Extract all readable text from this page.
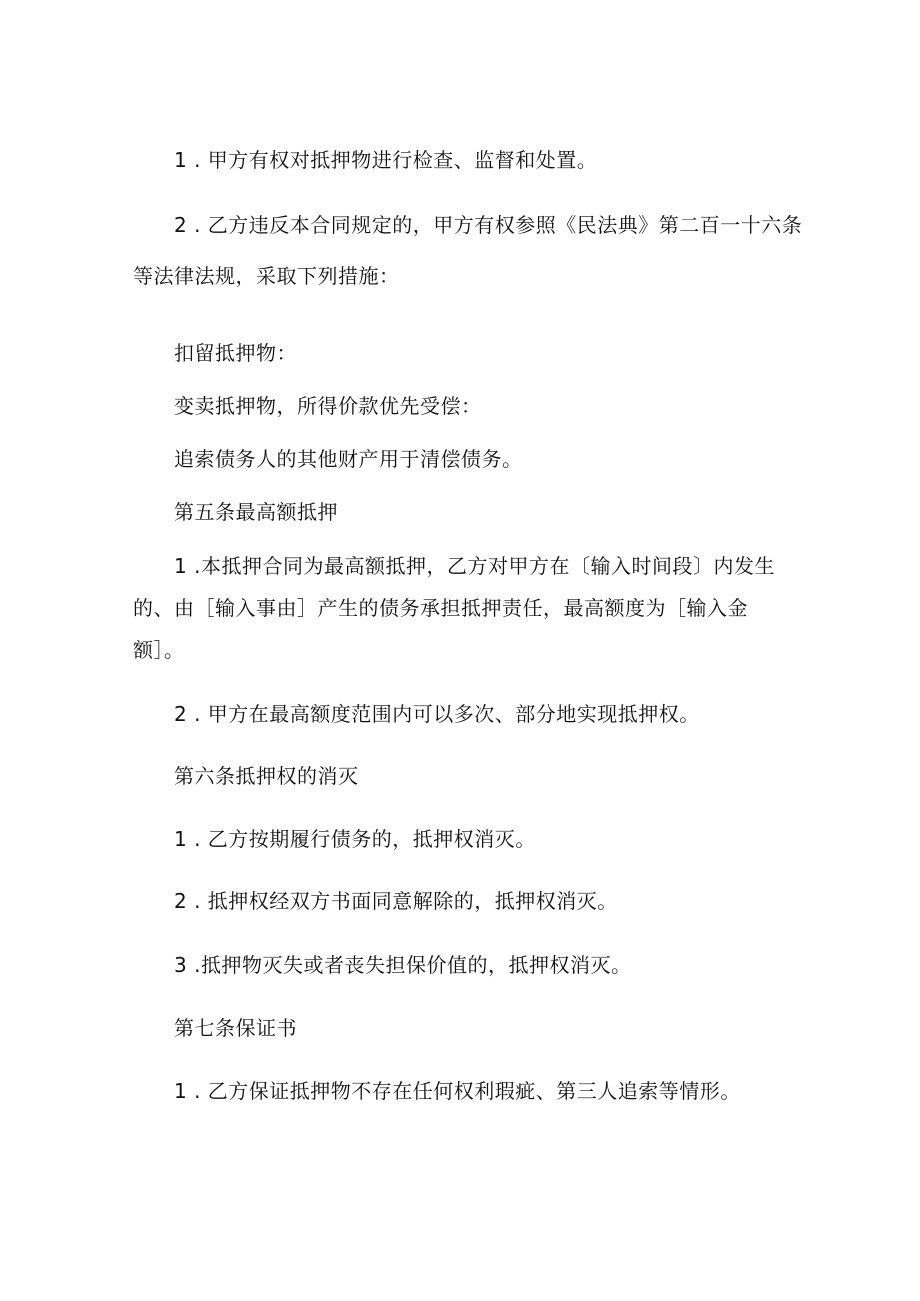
1 . 甲方有权对抵押物进行检查、监督和处置。
2 . 乙方违反本合同规定的，甲方有权参照《民法典》第二百一十六条
等法律法规，采取下列措施：
扣留抵押物：
变卖抵押物，所得价款优先受偿：
追索债务人的其他财产用于清偿债务。
第五条最高额抵押
1 .本抵押合同为最高额抵押，乙方对甲方在〔输入时间段〕内发生
的、由［输入事由］产生的债务承担抵押责任，最高额度为［输入金
额］。
2 . 甲方在最高额度范围内可以多次、部分地实现抵押权。
第六条抵押权的消灭
1 . 乙方按期履行债务的，抵押权消灭。
2 . 抵押权经双方书面同意解除的，抵押权消灭。
3 .抵押物灭失或者丧失担保价值的，抵押权消灭。
第七条保证书
1 . 乙方保证抵押物不存在任何权利瑕疵、第三人追索等情形。
